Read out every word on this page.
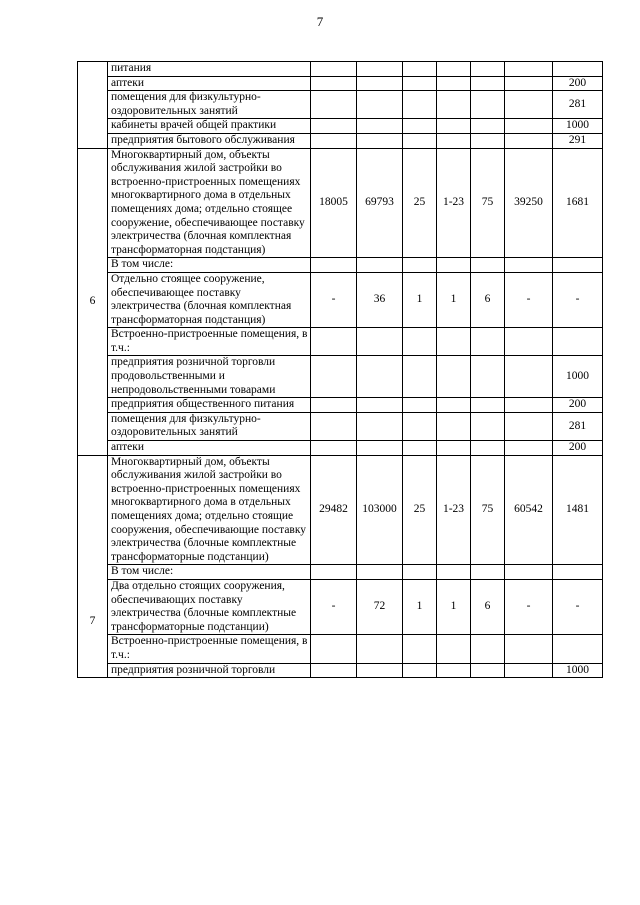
7
	питания							
	аптеки							200
	помещения для физкультурно-оздоровительных занятий							281
	кабинеты врачей общей практики							1000
	предприятия бытового обслуживания							291
6	Многоквартирный дом, объекты обслуживания жилой застройки во встроенно-пристроенных помещениях многоквартирного дома в отдельных помещениях дома; отдельно стоящее сооружение, обеспечивающее поставку электричества (блочная комплектная трансформаторная подстанция)	18005	69793	25	1-23	75	39250	1681
	В том числе:							
	Отдельно стоящее сооружение, обеспечивающее поставку электричества (блочная комплектная трансформаторная подстанция)	-	36	1	1	6	-	-
	Встроенно-пристроенные помещения, в т.ч.:							
	предприятия розничной торговли продовольственными и непродовольственными товарами							1000
	предприятия общественного питания							200
	помещения для физкультурно-оздоровительных занятий							281
	аптеки							200
7	Многоквартирный дом, объекты обслуживания жилой застройки во встроенно-пристроенных помещениях многоквартирного дома в отдельных помещениях дома; отдельно стоящие сооружения, обеспечивающие поставку электричества (блочные комплектные трансформаторные подстанции)	29482	103000	25	1-23	75	60542	1481
	В том числе:							
	Два отдельно стоящих сооружения, обеспечивающих поставку электричества (блочные комплектные трансформаторные подстанции)	-	72	1	1	6	-	-
	Встроенно-пристроенные помещения, в т.ч.:							
	предприятия розничной торговли							1000
